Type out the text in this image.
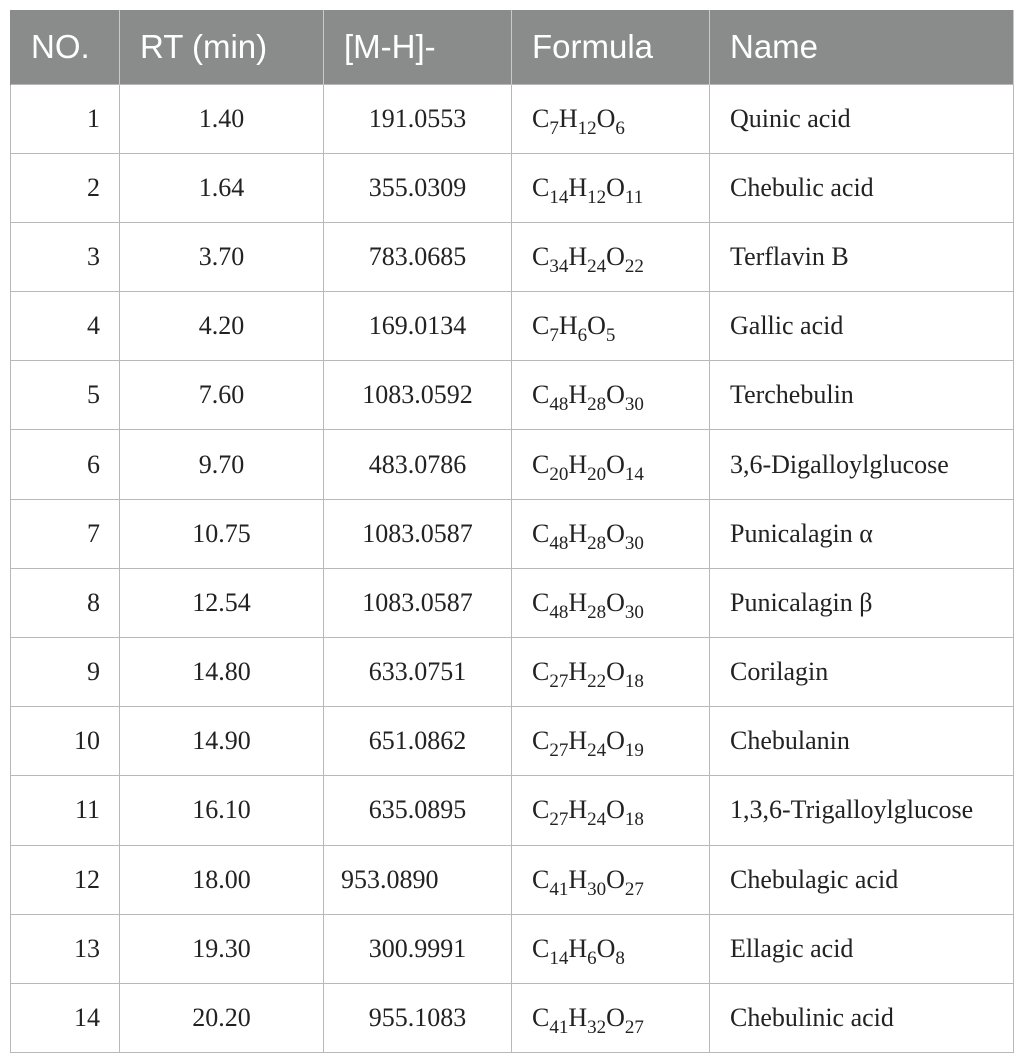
NO.	RT (min)	[M-H]-	Formula	Name
1	1.40	191.0553	$C_7H_{12}O_6$	Quinic acid
2	1.64	355.0309	$C_{14}H_{12}O_{11}$	Chebulic acid
3	3.70	783.0685	$C_{34}H_{24}O_{22}$	Terflavin B
4	4.20	169.0134	$C_7H_6O_5$	Gallic acid
5	7.60	1083.0592	$C_{48}H_{28}O_{30}$	Terchebulin
6	9.70	483.0786	$C_{20}H_{20}O_{14}$	3,6-Digalloylglucose
7	10.75	1083.0587	$C_{48}H_{28}O_{30}$	Punicalagin α
8	12.54	1083.0587	$C_{48}H_{28}O_{30}$	Punicalagin β
9	14.80	633.0751	$C_{27}H_{22}O_{18}$	Corilagin
10	14.90	651.0862	$C_{27}H_{24}O_{19}$	Chebulanin
11	16.10	635.0895	$C_{27}H_{24}O_{18}$	1,3,6-Trigalloylglucose
12	18.00	953.0890	$C_{41}H_{30}O_{27}$	Chebulagic acid
13	19.30	300.9991	$C_{14}H_6O_8$	Ellagic acid
14	20.20	955.1083	$C_{41}H_{32}O_{27}$	Chebulinic acid
